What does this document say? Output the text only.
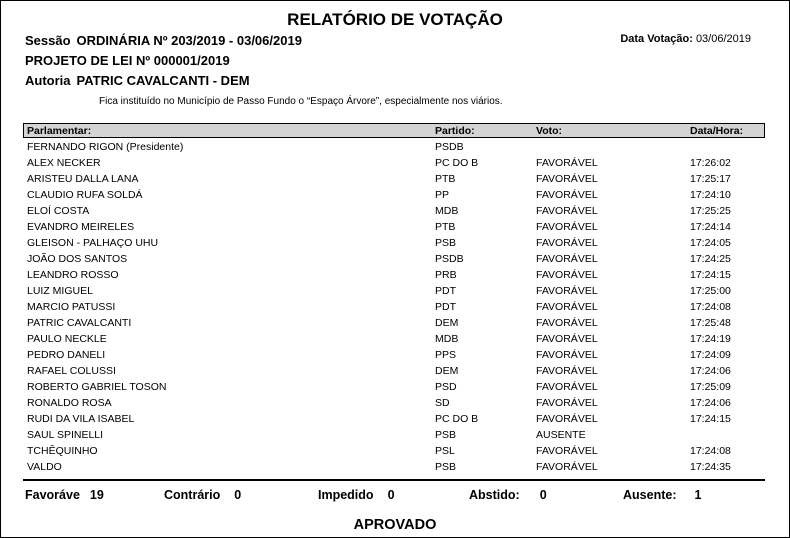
RELATÓRIO DE VOTAÇÃO
Sessão ORDINÁRIA Nº 203/2019 - 03/06/2019	Data Votação: 03/06/2019
PROJETO DE LEI Nº 000001/2019
Autoria PATRIC CAVALCANTI - DEM
Fica instituído no Município de Passo Fundo o “Espaço Árvore”, especialmente nos viários.
Parlamentar:	Partido:	Voto:	Data/Hora:
FERNANDO RIGON (Presidente)	PSDB
ALEX NECKER	PC DO B	FAVORÁVEL	17:26:02
ARISTEU DALLA LANA	PTB	FAVORÁVEL	17:25:17
CLAUDIO RUFA SOLDÁ	PP	FAVORÁVEL	17:24:10
ELOÍ COSTA	MDB	FAVORÁVEL	17:25:25
EVANDRO MEIRELES	PTB	FAVORÁVEL	17:24:14
GLEISON - PALHAÇO UHU	PSB	FAVORÁVEL	17:24:05
JOÃO DOS SANTOS	PSDB	FAVORÁVEL	17:24:25
LEANDRO ROSSO	PRB	FAVORÁVEL	17:24:15
LUIZ MIGUEL	PDT	FAVORÁVEL	17:25:00
MARCIO PATUSSI	PDT	FAVORÁVEL	17:24:08
PATRIC CAVALCANTI	DEM	FAVORÁVEL	17:25:48
PAULO NECKLE	MDB	FAVORÁVEL	17:24:19
PEDRO DANELI	PPS	FAVORÁVEL	17:24:09
RAFAEL COLUSSI	DEM	FAVORÁVEL	17:24:06
ROBERTO GABRIEL TOSON	PSD	FAVORÁVEL	17:25:09
RONALDO ROSA	SD	FAVORÁVEL	17:24:06
RUDI DA VILA ISABEL	PC DO B	FAVORÁVEL	17:24:15
SAUL SPINELLI	PSB	AUSENTE
TCHÊQUINHO	PSL	FAVORÁVEL	17:24:08
VALDO	PSB	FAVORÁVEL	17:24:35
Favoráve 19	Contrário 0	Impedido 0	Abstido: 0	Ausente: 1
APROVADO
